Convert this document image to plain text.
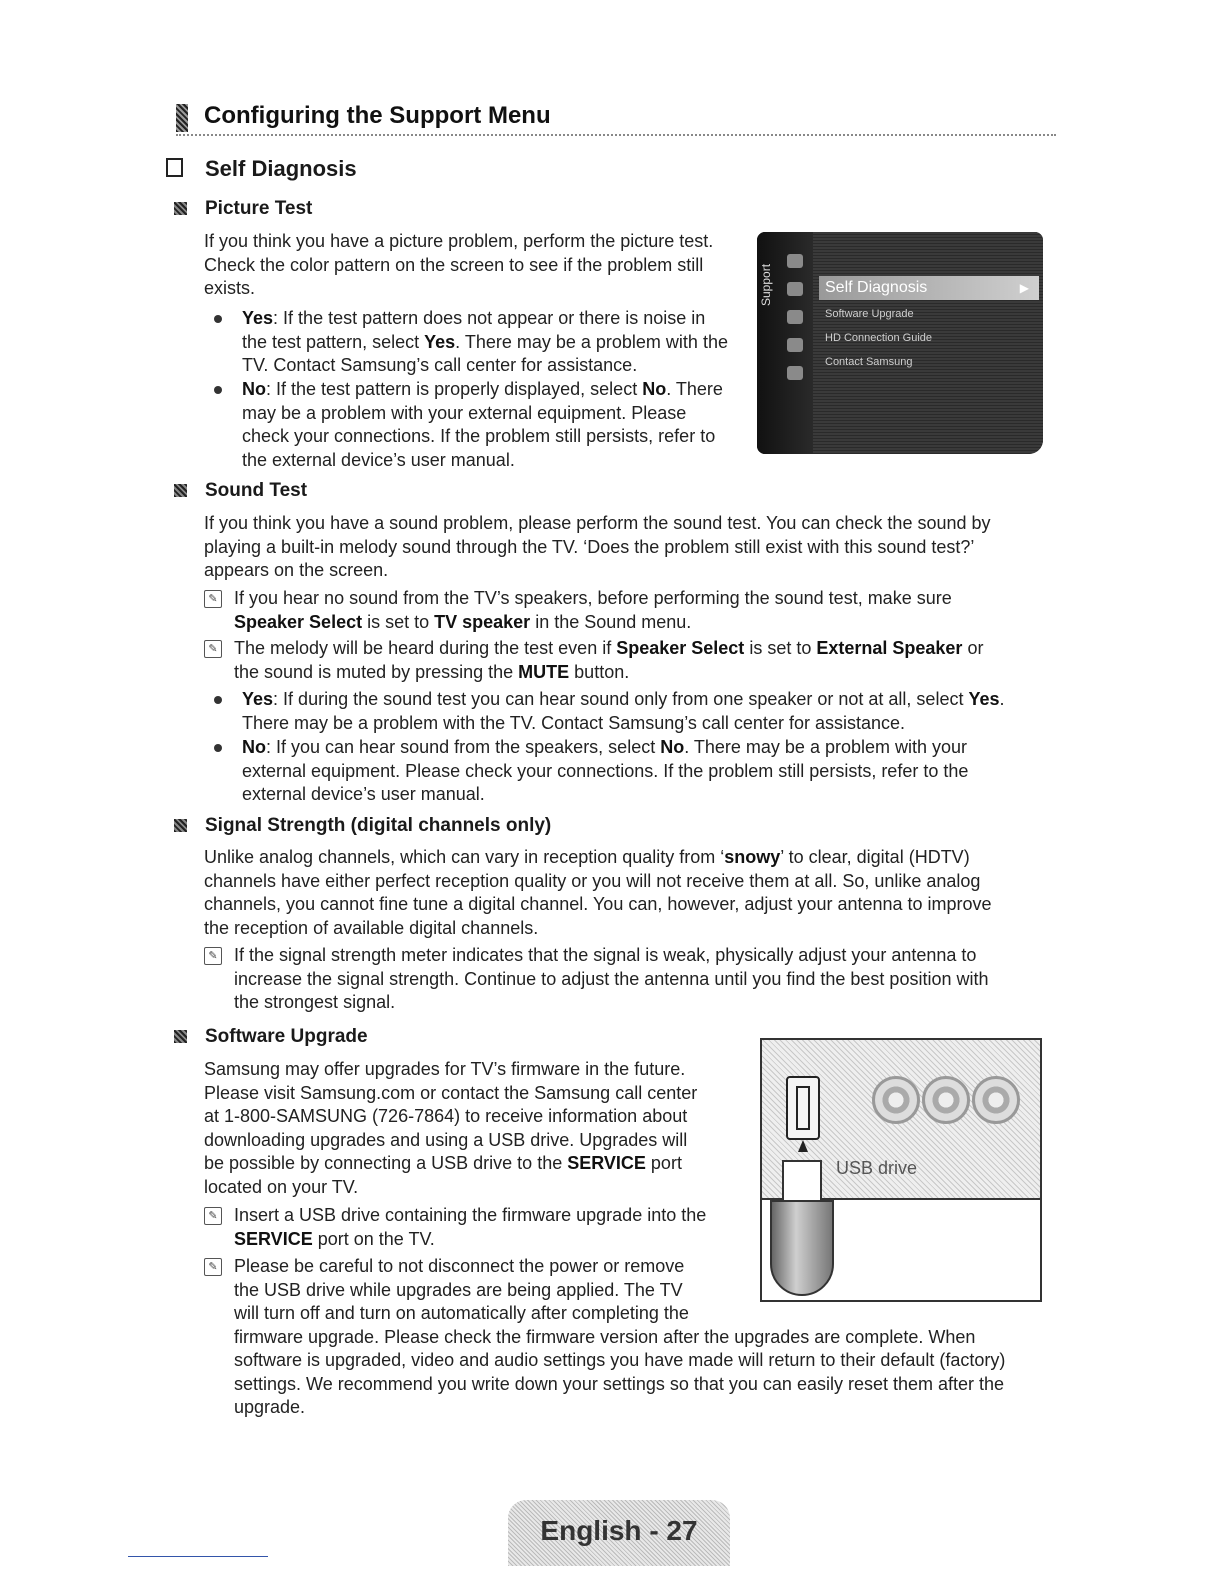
Configuring the Support Menu
Self Diagnosis
Picture Test
If you think you have a picture problem, perform the picture test.
Check the color pattern on the screen to see if the problem still
exists.
Yes: If the test pattern does not appear or there is noise in
the test pattern, select Yes. There may be a problem with the
TV. Contact Samsung’s call center for assistance.
No: If the test pattern is properly displayed, select No. There
may be a problem with your external equipment. Please
check your connections. If the problem still persists, refer to
the external device’s user manual.
Support	Self Diagnosis	▶
Software Upgrade
HD Connection Guide
Contact Samsung
Sound Test
If you think you have a sound problem, please perform the sound test. You can check the sound by
playing a built-in melody sound through the TV. ‘Does the problem still exist with this sound test?’
appears on the screen.
✎ If you hear no sound from the TV’s speakers, before performing the sound test, make sure
Speaker Select is set to TV speaker in the Sound menu.
✎ The melody will be heard during the test even if Speaker Select is set to External Speaker or
the sound is muted by pressing the MUTE button.
Yes: If during the sound test you can hear sound only from one speaker or not at all, select Yes.
There may be a problem with the TV. Contact Samsung’s call center for assistance.
No: If you can hear sound from the speakers, select No. There may be a problem with your
external equipment. Please check your connections. If the problem still persists, refer to the
external device’s user manual.
Signal Strength (digital channels only)
Unlike analog channels, which can vary in reception quality from ‘snowy’ to clear, digital (HDTV)
channels have either perfect reception quality or you will not receive them at all. So, unlike analog
channels, you cannot fine tune a digital channel. You can, however, adjust your antenna to improve
the reception of available digital channels.
✎ If the signal strength meter indicates that the signal is weak, physically adjust your antenna to
increase the signal strength. Continue to adjust the antenna until you find the best position with
the strongest signal.
Software Upgrade
Samsung may offer upgrades for TV’s firmware in the future.
Please visit Samsung.com or contact the Samsung call center
at 1-800-SAMSUNG (726-7864) to receive information about
downloading upgrades and using a USB drive. Upgrades will
be possible by connecting a USB drive to the SERVICE port
located on your TV.
✎ Insert a USB drive containing the firmware upgrade into the
SERVICE port on the TV.
✎ Please be careful to not disconnect the power or remove
the USB drive while upgrades are being applied. The TV
will turn off and turn on automatically after completing the
firmware upgrade. Please check the firmware version after the upgrades are complete. When
software is upgraded, video and audio settings you have made will return to their default (factory)
settings. We recommend you write down your settings so that you can easily reset them after the
upgrade.
USB drive
English - 27
